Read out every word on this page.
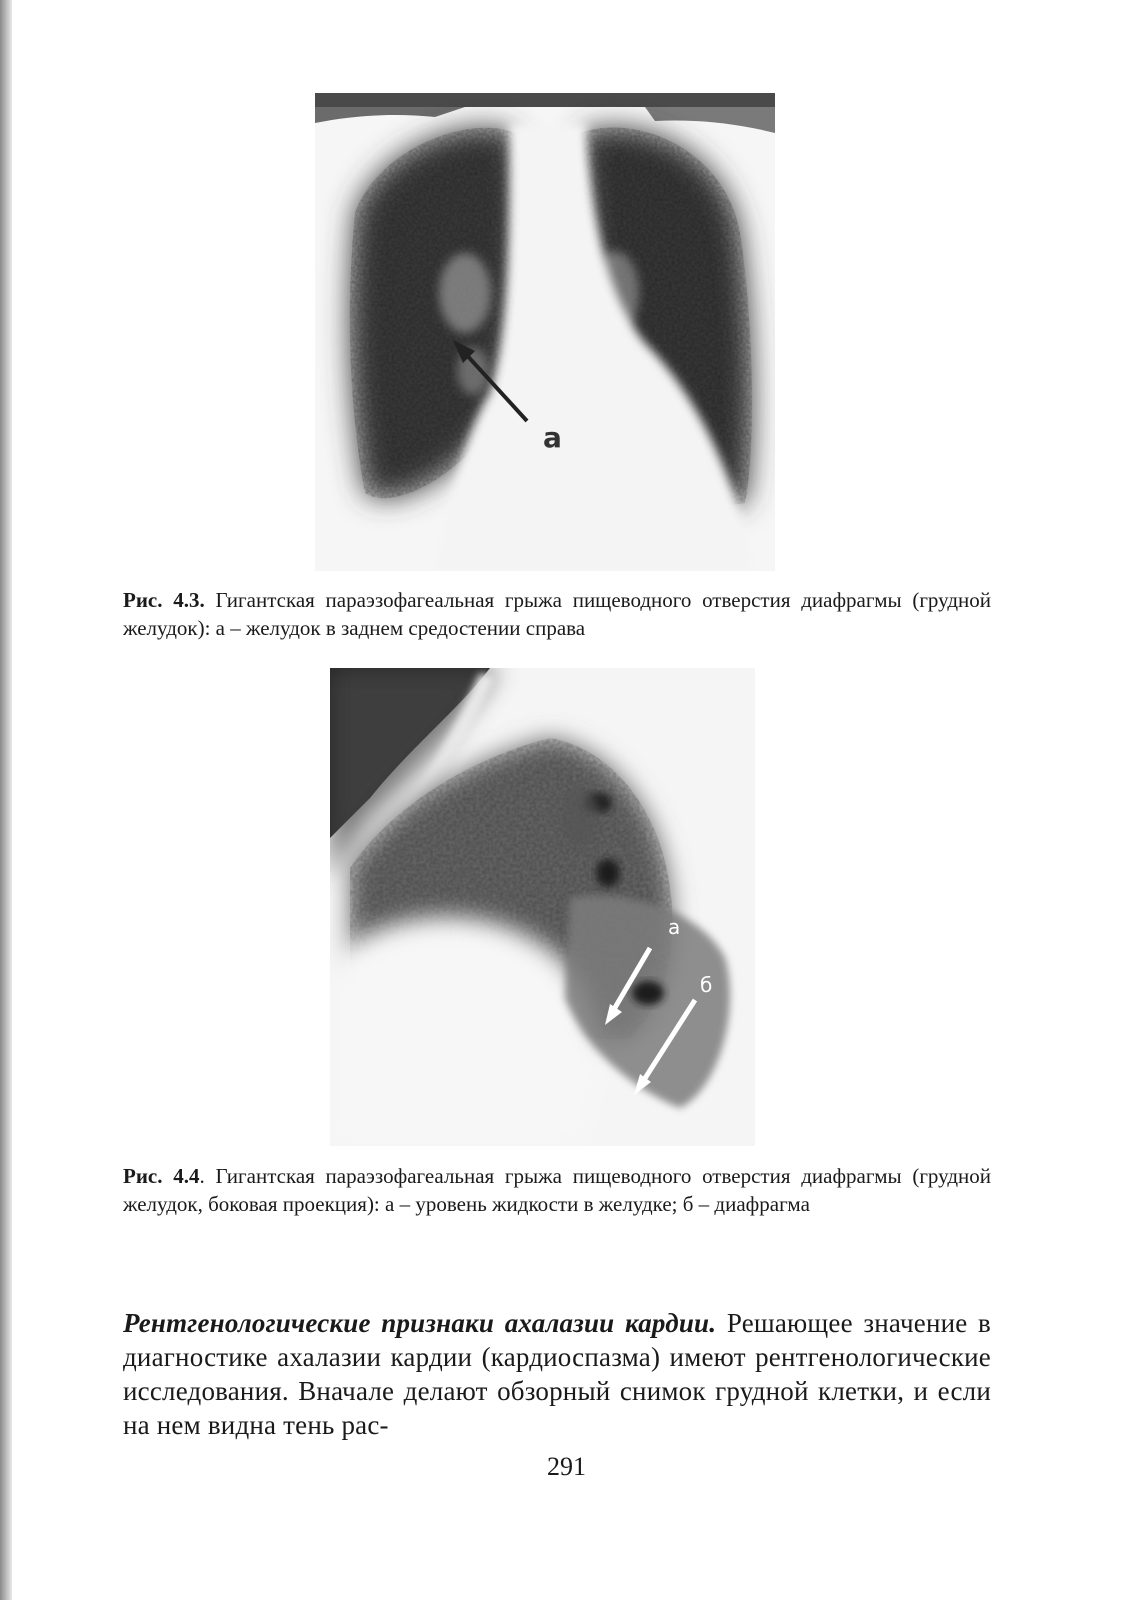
а
Рис. 4.3. Гигантская параэзофагеальная грыжа пищеводного отверстия диафрагмы (грудной желудок): а – желудок в заднем средостении справа
а
б
Рис. 4.4. Гигантская параэзофагеальная грыжа пищеводного отверстия диафрагмы (грудной желудок, боковая проекция): а – уровень жидкости в желудке; б – диафрагма
Рентгенологические признаки ахалазии кардии. Решающее значение в диагностике ахалазии кардии (кардиоспазма) имеют рентгенологические исследования. Вначале делают обзорный снимок грудной клетки, и если на нем видна тень рас-
291
